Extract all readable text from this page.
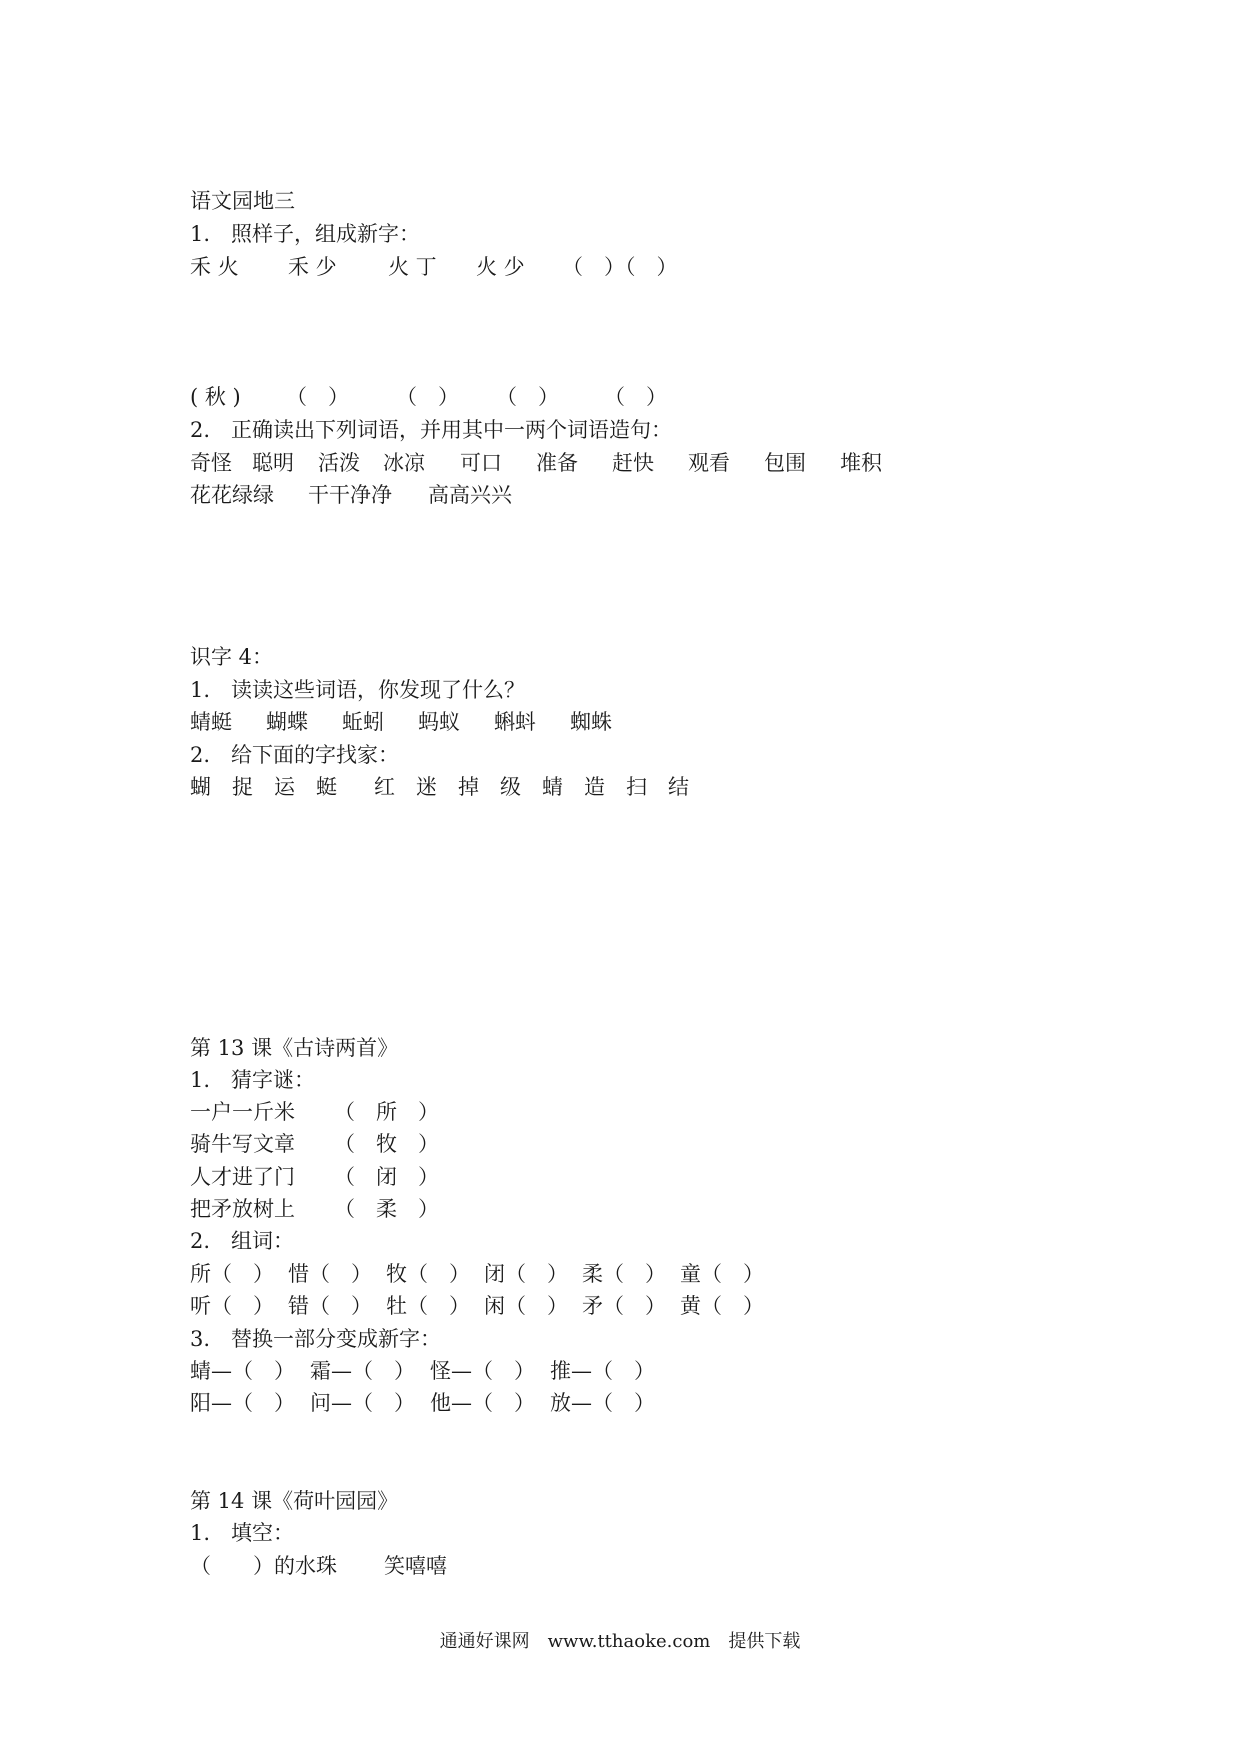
语文园地三
1.　照样子，组成新字：
禾 火 禾 少 火 丁 火 少 （　）（　）
( 秋 ) （　） （　） （　） （　）
2.　正确读出下列词语，并用其中一两个词语造句：
奇怪 聪明 活泼 冰凉 可口 准备 赶快 观看 包围 堆积
花花绿绿 干干净净 高高兴兴
识字 4：
1.　读读这些词语，你发现了什么？
蜻蜓 蝴蝶 蚯蚓 蚂蚁 蝌蚪 蜘蛛
2.　给下面的字找家：
蝴 捉 运 蜓 红 迷 掉 级 蜻 造 扫 结
第 13 课《古诗两首》
1.　猜字谜：
一户一斤米 （　所　）
骑牛写文章 （　牧　）
人才进了门 （　闭　）
把矛放树上 （　柔　）
2.　组词：
所（　） 惜（　） 牧（　） 闭（　） 柔（　） 童（　）
听（　） 错（　） 牡（　） 闲（　） 矛（　） 黄（　）
3.　替换一部分变成新字：
蜻—（　） 霜—（　） 怪—（　） 推—（　）
阳—（　） 问—（　） 他—（　） 放—（　）
第 14 课《荷叶园园》
1.　填空：
（　　）的水珠 笑嘻嘻
通通好课网　www.tthaoke.com　提供下载
